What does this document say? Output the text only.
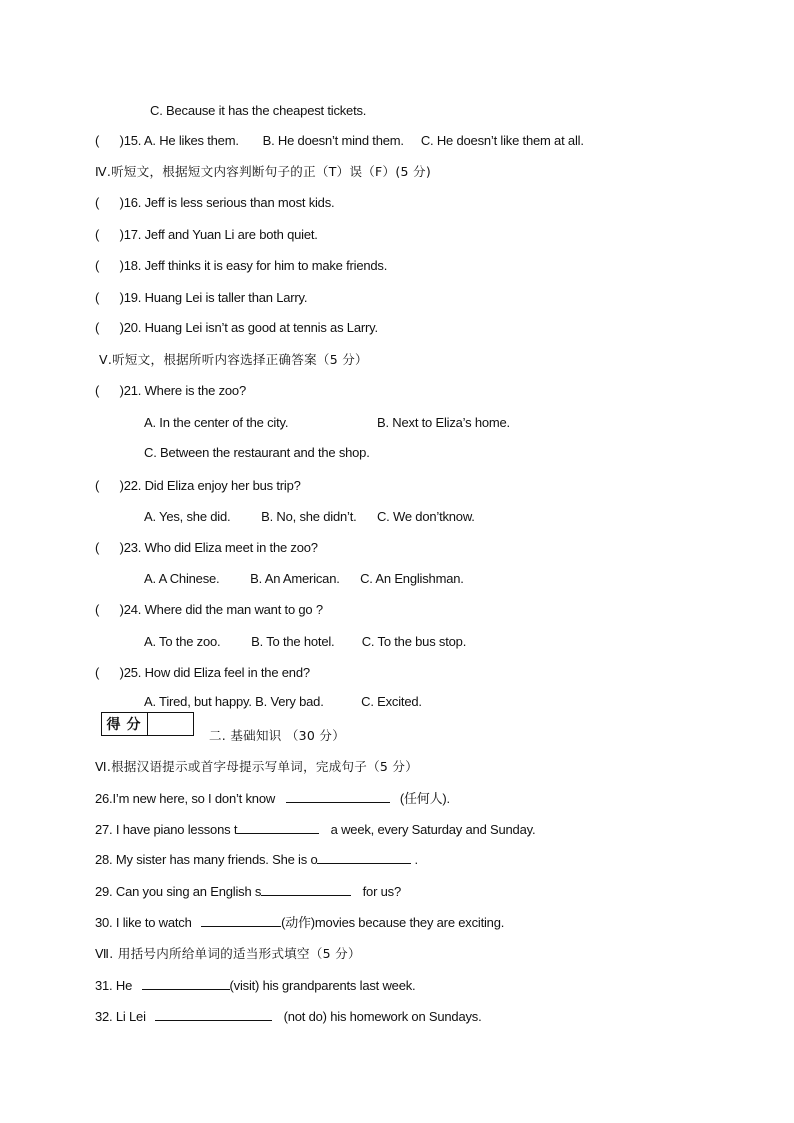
C. Because it has the cheapest tickets.
(      )15. A. He likes them.       B. He doesn’t mind them.     C. He doesn’t like them at all.
Ⅳ.听短文，根据短文内容判断句子的正（T）误（F）(5 分)
(      )16. Jeff is less serious than most kids.
(      )17. Jeff and Yuan Li are both quiet.
(      )18. Jeff thinks it is easy for him to make friends.
(      )19. Huang Lei is taller than Larry.
(      )20. Huang Lei isn’t as good at tennis as Larry.
Ⅴ.听短文，根据所听内容选择正确答案（5 分）
(      )21. Where is the zoo?
A. In the center of the city.	B. Next to Eliza’s home.
C. Between the restaurant and the shop.
(      )22. Did Eliza enjoy her bus trip?
A. Yes, she did.         B. No, she didn’t.      C. We don’tknow.
(      )23. Who did Eliza meet in the zoo?
A. A Chinese.         B. An American.      C. An Englishman.
(      )24. Where did the man want to go ?
A. To the zoo.         B. To the hotel.        C. To the bus stop.
(      )25. How did Eliza feel in the end?
A. Tired, but happy. B. Very bad.           C. Excited.
得分
二. 基础知识 （30 分）
Ⅵ.根据汉语提示或首字母提示写单词，完成句子（5 分）
26.I’m new here, so I don’t know	(任何人).
27. I have piano lessons t	a week, every Saturday and Sunday.
28. My sister has many friends. She is o	.
29. Can you sing an English s	for us?
30. I like to watch	(动作)movies because they are exciting.
Ⅶ. 用括号内所给单词的适当形式填空（5 分）
31. He	(visit) his grandparents last week.
32. Li Lei	(not do) his homework on Sundays.
